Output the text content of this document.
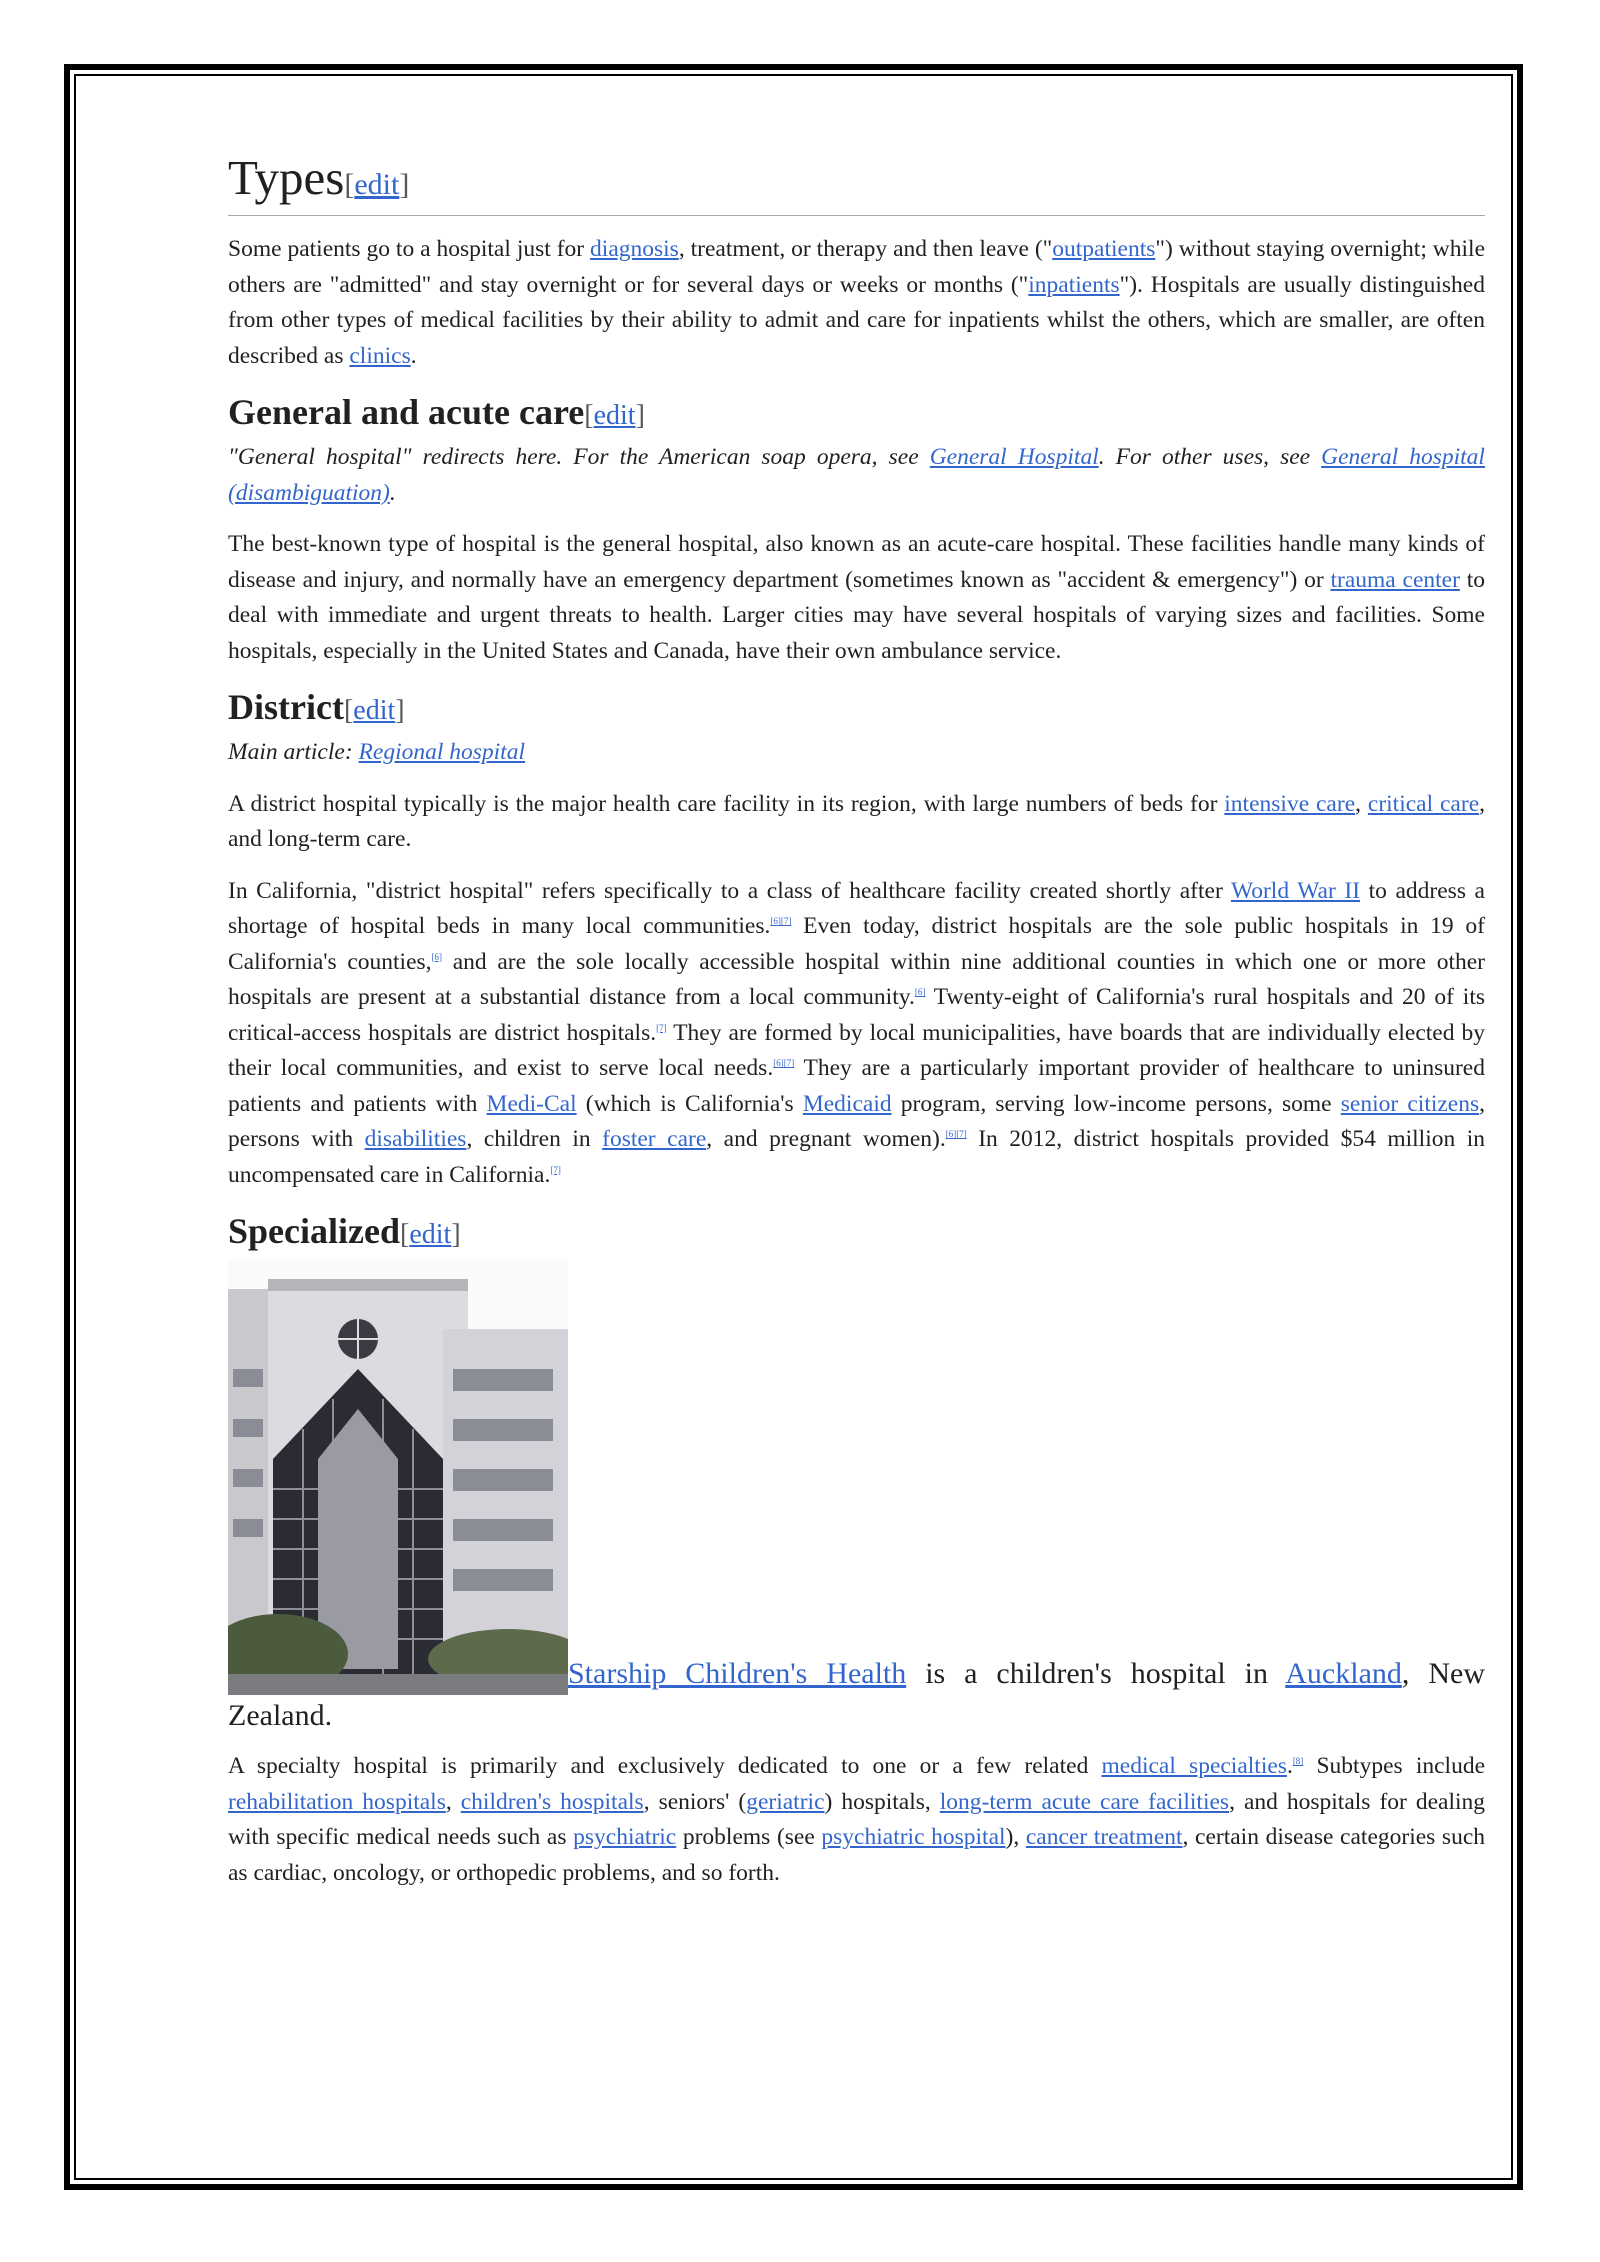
Types[edit]

Some patients go to a hospital just for diagnosis, treatment, or therapy and then leave ("outpatients") without staying overnight; while others are "admitted" and stay overnight or for several days or weeks or months ("inpatients"). Hospitals are usually distinguished from other types of medical facilities by their ability to admit and care for inpatients whilst the others, which are smaller, are often described as clinics.

General and acute care[edit]
"General hospital" redirects here. For the American soap opera, see General Hospital. For other uses, see General hospital (disambiguation).

The best-known type of hospital is the general hospital, also known as an acute-care hospital. These facilities handle many kinds of disease and injury, and normally have an emergency department (sometimes known as "accident & emergency") or trauma center to deal with immediate and urgent threats to health. Larger cities may have several hospitals of varying sizes and facilities. Some hospitals, especially in the United States and Canada, have their own ambulance service.

District[edit]
Main article: Regional hospital

A district hospital typically is the major health care facility in its region, with large numbers of beds for intensive care, critical care, and long-term care.

In California, "district hospital" refers specifically to a class of healthcare facility created shortly after World War II to address a shortage of hospital beds in many local communities.[6][7] Even today, district hospitals are the sole public hospitals in 19 of California's counties,[6] and are the sole locally accessible hospital within nine additional counties in which one or more other hospitals are present at a substantial distance from a local community.[6] Twenty-eight of California's rural hospitals and 20 of its critical-access hospitals are district hospitals.[7] They are formed by local municipalities, have boards that are individually elected by their local communities, and exist to serve local needs.[6][7] They are a particularly important provider of healthcare to uninsured patients and patients with Medi-Cal (which is California's Medicaid program, serving low-income persons, some senior citizens, persons with disabilities, children in foster care, and pregnant women).[6][7] In 2012, district hospitals provided $54 million in uncompensated care in California.[7]

Specialized[edit]
Starship Children's Health is a children's hospital in Auckland, New Zealand.

A specialty hospital is primarily and exclusively dedicated to one or a few related medical specialties.[8] Subtypes include rehabilitation hospitals, children's hospitals, seniors' (geriatric) hospitals, long-term acute care facilities, and hospitals for dealing with specific medical needs such as psychiatric problems (see psychiatric hospital), cancer treatment, certain disease categories such as cardiac, oncology, or orthopedic problems, and so forth.
